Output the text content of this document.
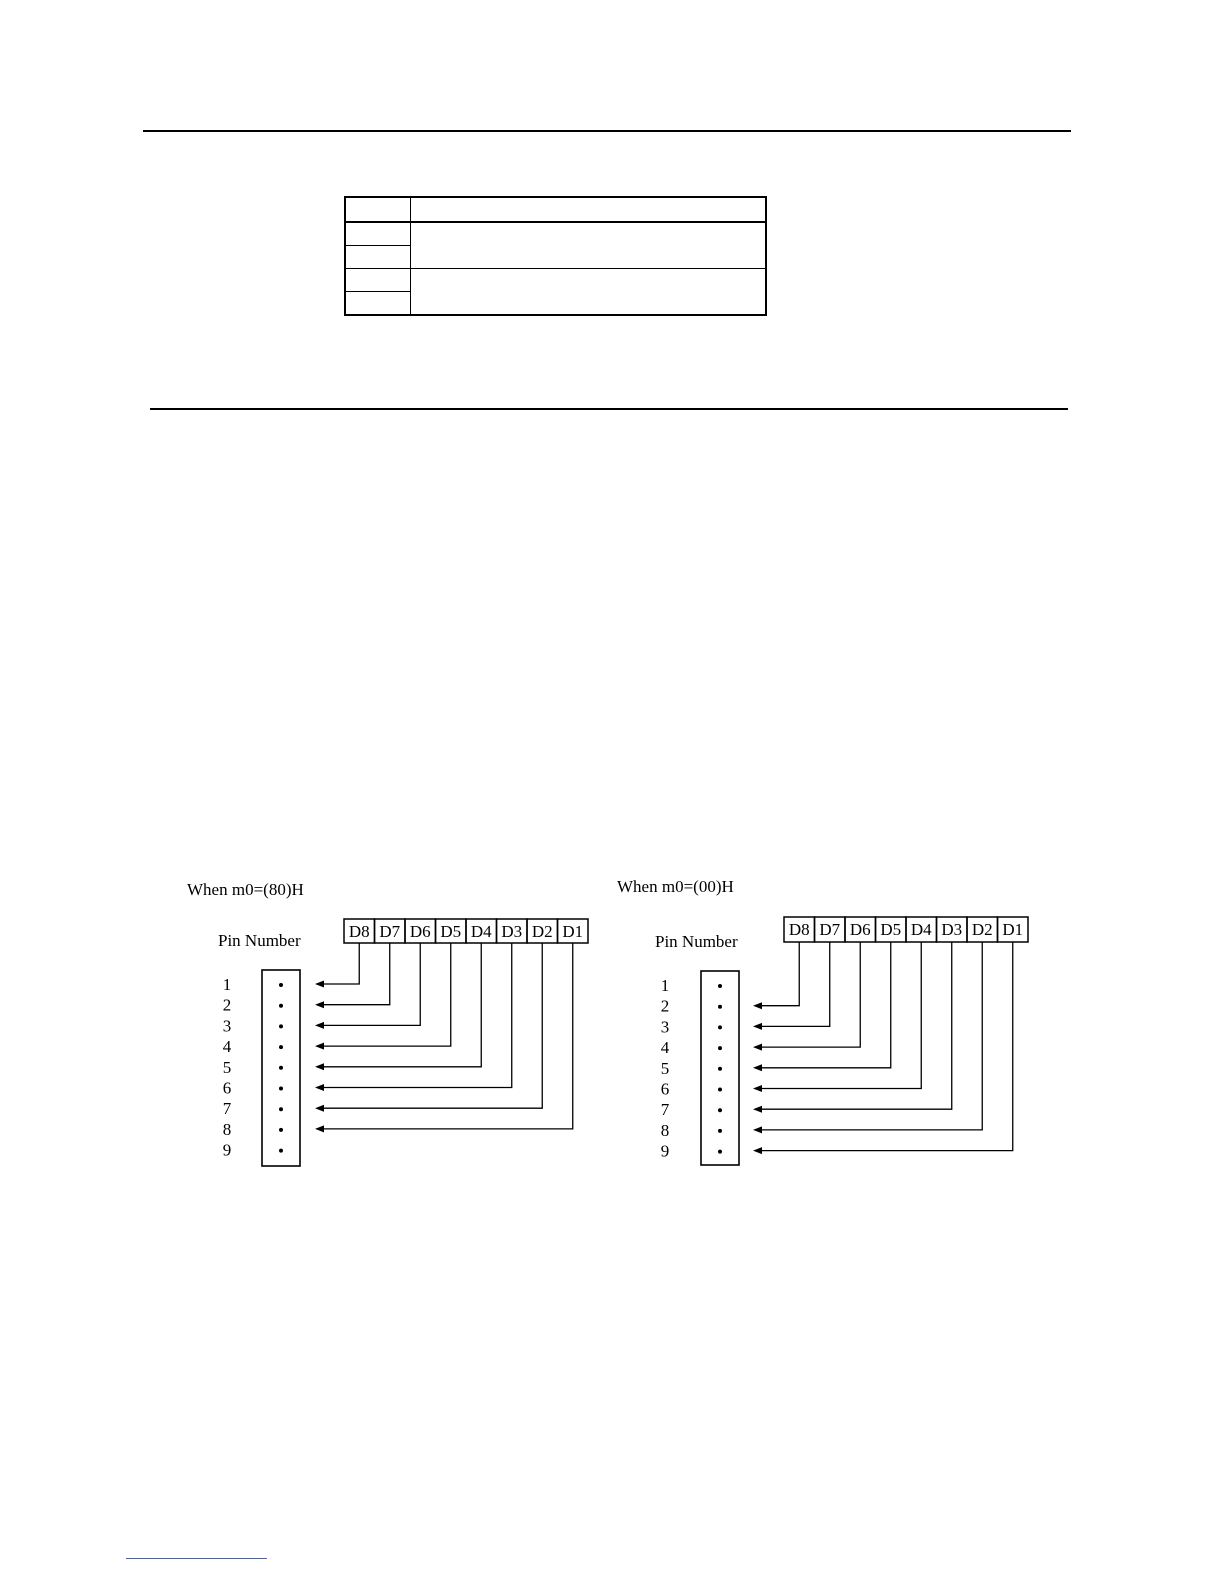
When m0=(80)H
Pin Number
1
2
3
4
5
6
7
8
9
D8 D7 D6 D5 D4 D3 D2 D1
When m0=(00)H
Pin Number
1
2
3
4
5
6
7
8
9
D8 D7 D6 D5 D4 D3 D2 D1
